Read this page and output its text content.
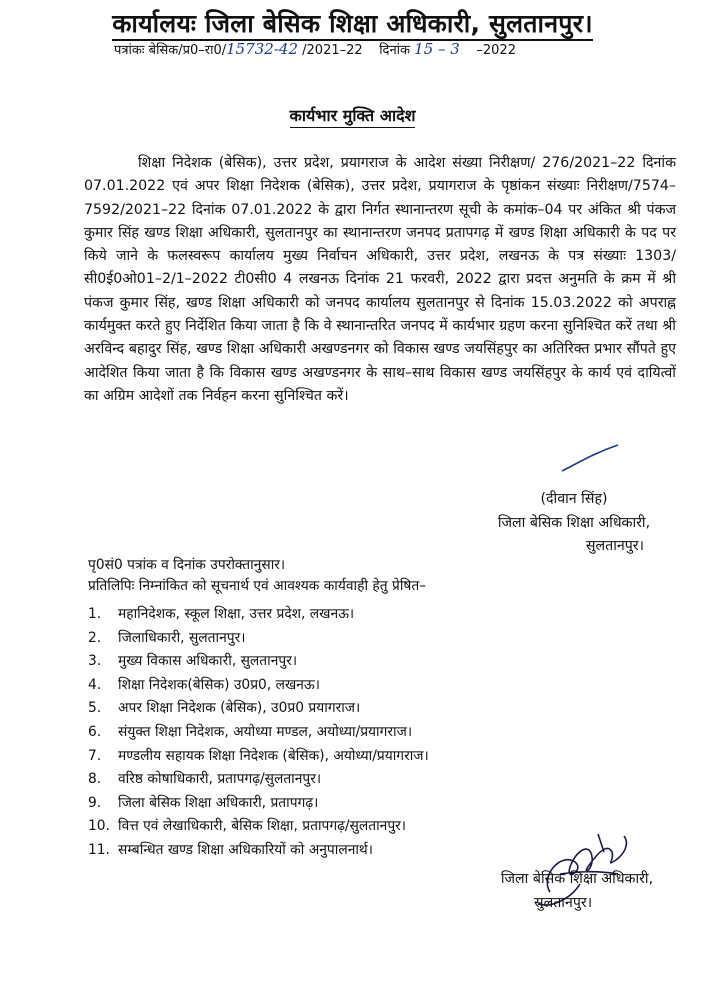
कार्यालयः जिला बेसिक शिक्षा अधिकारी, सुलतानपुर।
पत्रांकः बेसिक/प्र0–रा0/15732-42 /2021–22 दिनांक 15 – 3 –2022
कार्यभार मुक्ति आदेश
शिक्षा निदेशक (बेसिक), उत्तर प्रदेश, प्रयागराज के आदेश संख्या निरीक्षण/ 276/2021–22 दिनांक 07.01.2022 एवं अपर शिक्षा निदेशक (बेसिक), उत्तर प्रदेश, प्रयागराज के पृष्ठांकन संख्याः निरीक्षण/7574–7592/2021–22 दिनांक 07.01.2022 के द्वारा निर्गत स्थानान्तरण सूची के कमांक–04 पर अंकित श्री पंकज कुमार सिंह खण्ड शिक्षा अधिकारी, सुलतानपुर का स्थानान्तरण जनपद प्रतापगढ़ में खण्ड शिक्षा अधिकारी के पद पर किये जाने के फलस्वरूप कार्यालय मुख्य निर्वाचन अधिकारी, उत्तर प्रदेश, लखनऊ के पत्र संख्याः 1303/सी0ई0ओ01–2/1–2022 टी0सी0 4 लखनऊ दिनांक 21 फरवरी, 2022 द्वारा प्रदत्त अनुमति के क्रम में श्री पंकज कुमार सिंह, खण्ड शिक्षा अधिकारी को जनपद कार्यालय सुलतानपुर से दिनांक 15.03.2022 को अपराह्न कार्यमुक्त करते हुए निर्देशित किया जाता है कि वे स्थानान्तरित जनपद में कार्यभार ग्रहण करना सुनिश्चित करें तथा श्री अरविन्द बहादुर सिंह, खण्ड शिक्षा अधिकारी अखण्डनगर को विकास खण्ड जयसिंहपुर का अतिरिक्त प्रभार सौंपते हुए आदेशित किया जाता है कि विकास खण्ड अखण्डनगर के साथ–साथ विकास खण्ड जयसिंहपुर के कार्य एवं दायित्वों का अग्रिम आदेशों तक निर्वहन करना सुनिश्चित करें।
(दीवान सिंह)
जिला बेसिक शिक्षा अधिकारी,
सुलतानपुर।
पृ0सं0 पत्रांक व दिनांक उपरोक्तानुसार।
प्रतिलिपिः निम्नांकित को सूचनार्थ एवं आवश्यक कार्यवाही हेतु प्रेषित–
1. महानिदेशक, स्कूल शिक्षा, उत्तर प्रदेश, लखनऊ।
2. जिलाधिकारी, सुलतानपुर।
3. मुख्य विकास अधिकारी, सुलतानपुर।
4. शिक्षा निदेशक(बेसिक) उ0प्र0, लखनऊ।
5. अपर शिक्षा निदेशक (बेसिक), उ0प्र0 प्रयागराज।
6. संयुक्त शिक्षा निदेशक, अयोध्या मण्डल, अयोध्या/प्रयागराज।
7. मण्डलीय सहायक शिक्षा निदेशक (बेसिक), अयोध्या/प्रयागराज।
8. वरिष्ठ कोषाधिकारी, प्रतापगढ़/सुलतानपुर।
9. जिला बेसिक शिक्षा अधिकारी, प्रतापगढ़।
10. वित्त एवं लेखाधिकारी, बेसिक शिक्षा, प्रतापगढ़/सुलतानपुर।
11. सम्बन्धित खण्ड शिक्षा अधिकारियों को अनुपालनार्थ।
जिला बेसिक शिक्षा अधिकारी,
सुलतानपुर।
